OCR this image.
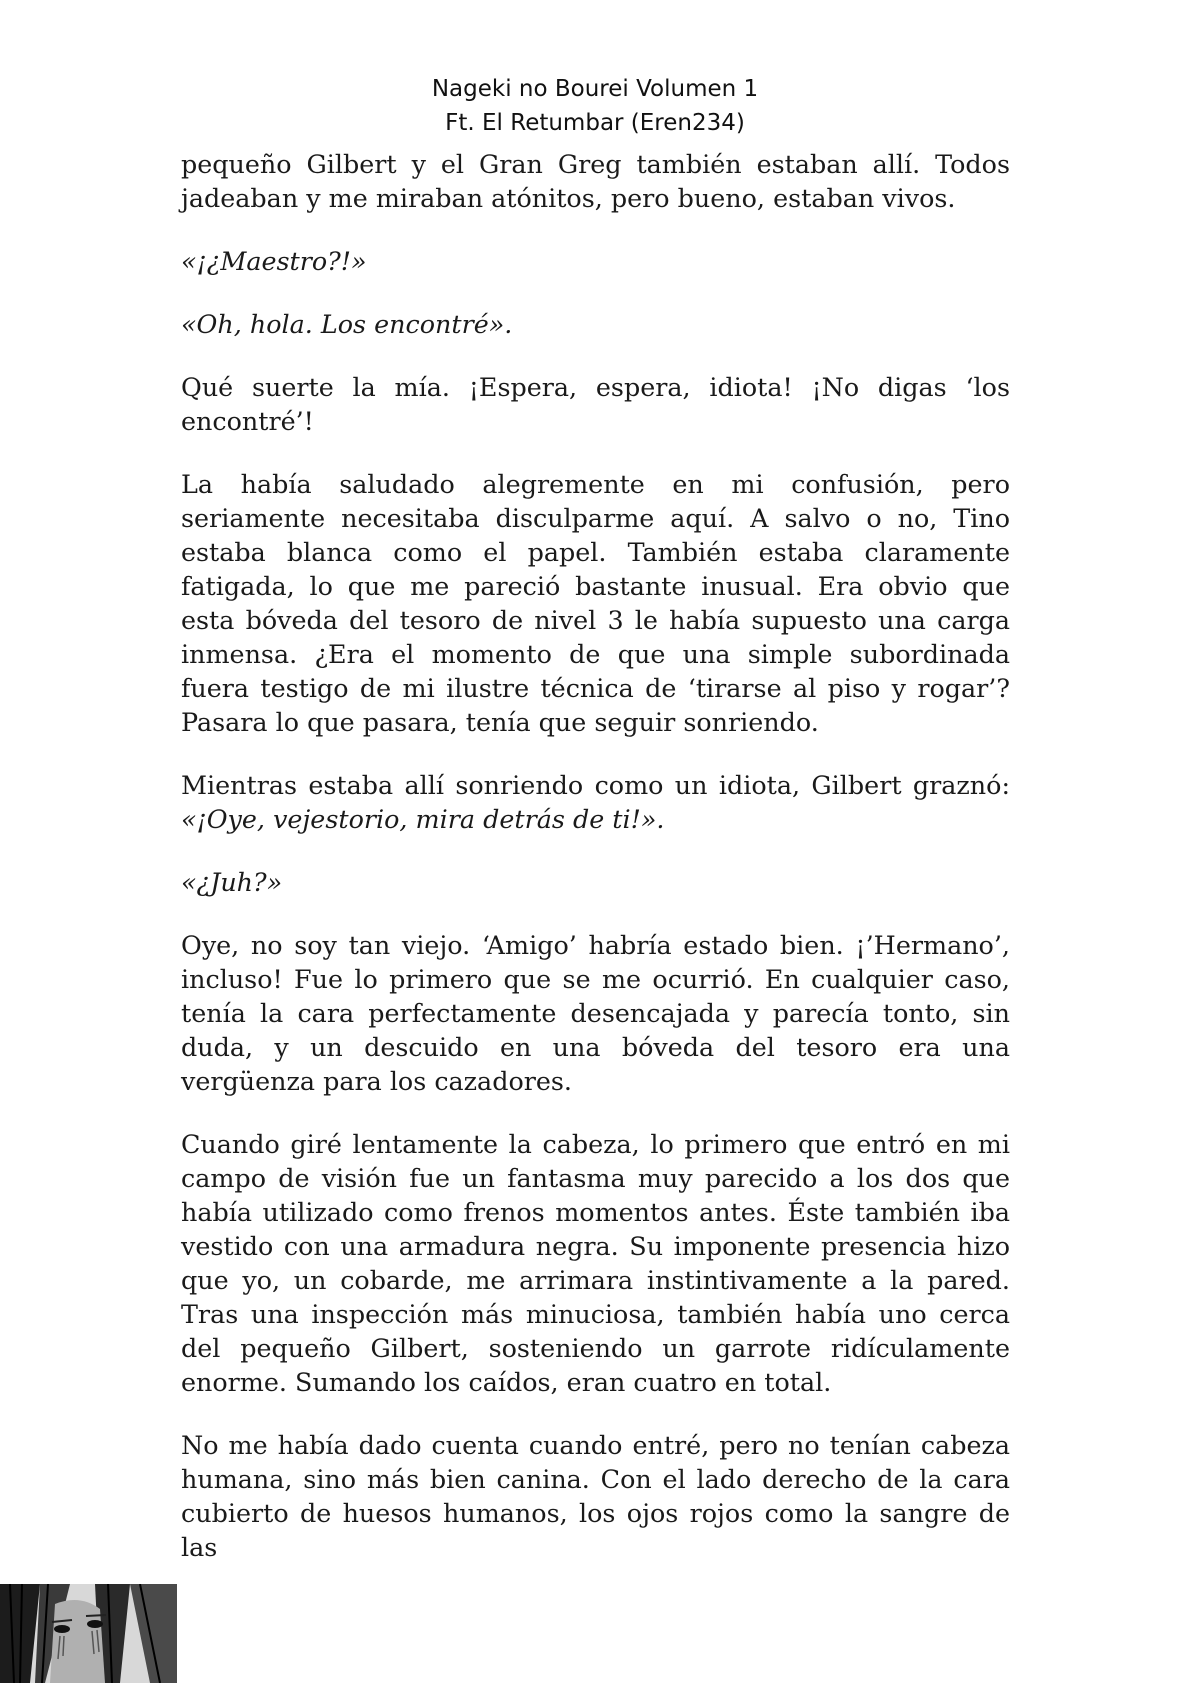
Nageki no Bourei Volumen 1
Ft. El Retumbar (Eren234)

pequeño Gilbert y el Gran Greg también estaban allí. Todos jadeaban y me miraban atónitos, pero bueno, estaban vivos.

«¡¿Maestro?!»

«Oh, hola. Los encontré».

Qué suerte la mía. ¡Espera, espera, idiota! ¡No digas ‘los encontré’!

La había saludado alegremente en mi confusión, pero seriamente necesitaba disculparme aquí. A salvo o no, Tino estaba blanca como el papel. También estaba claramente fatigada, lo que me pareció bastante inusual. Era obvio que esta bóveda del tesoro de nivel 3 le había supuesto una carga inmensa. ¿Era el momento de que una simple subordinada fuera testigo de mi ilustre técnica de ‘tirarse al piso y rogar’? Pasara lo que pasara, tenía que seguir sonriendo.

Mientras estaba allí sonriendo como un idiota, Gilbert graznó: «¡Oye, vejestorio, mira detrás de ti!».

«¿Juh?»

Oye, no soy tan viejo. ‘Amigo’ habría estado bien. ¡’Hermano’, incluso! Fue lo primero que se me ocurrió. En cualquier caso, tenía la cara perfectamente desencajada y parecía tonto, sin duda, y un descuido en una bóveda del tesoro era una vergüenza para los cazadores.

Cuando giré lentamente la cabeza, lo primero que entró en mi campo de visión fue un fantasma muy parecido a los dos que había utilizado como frenos momentos antes. Éste también iba vestido con una armadura negra. Su imponente presencia hizo que yo, un cobarde, me arrimara instintivamente a la pared. Tras una inspección más minuciosa, también había uno cerca del pequeño Gilbert, sosteniendo un garrote ridículamente enorme. Sumando los caídos, eran cuatro en total.

No me había dado cuenta cuando entré, pero no tenían cabeza humana, sino más bien canina. Con el lado derecho de la cara cubierto de huesos humanos, los ojos rojos como la sangre de las
